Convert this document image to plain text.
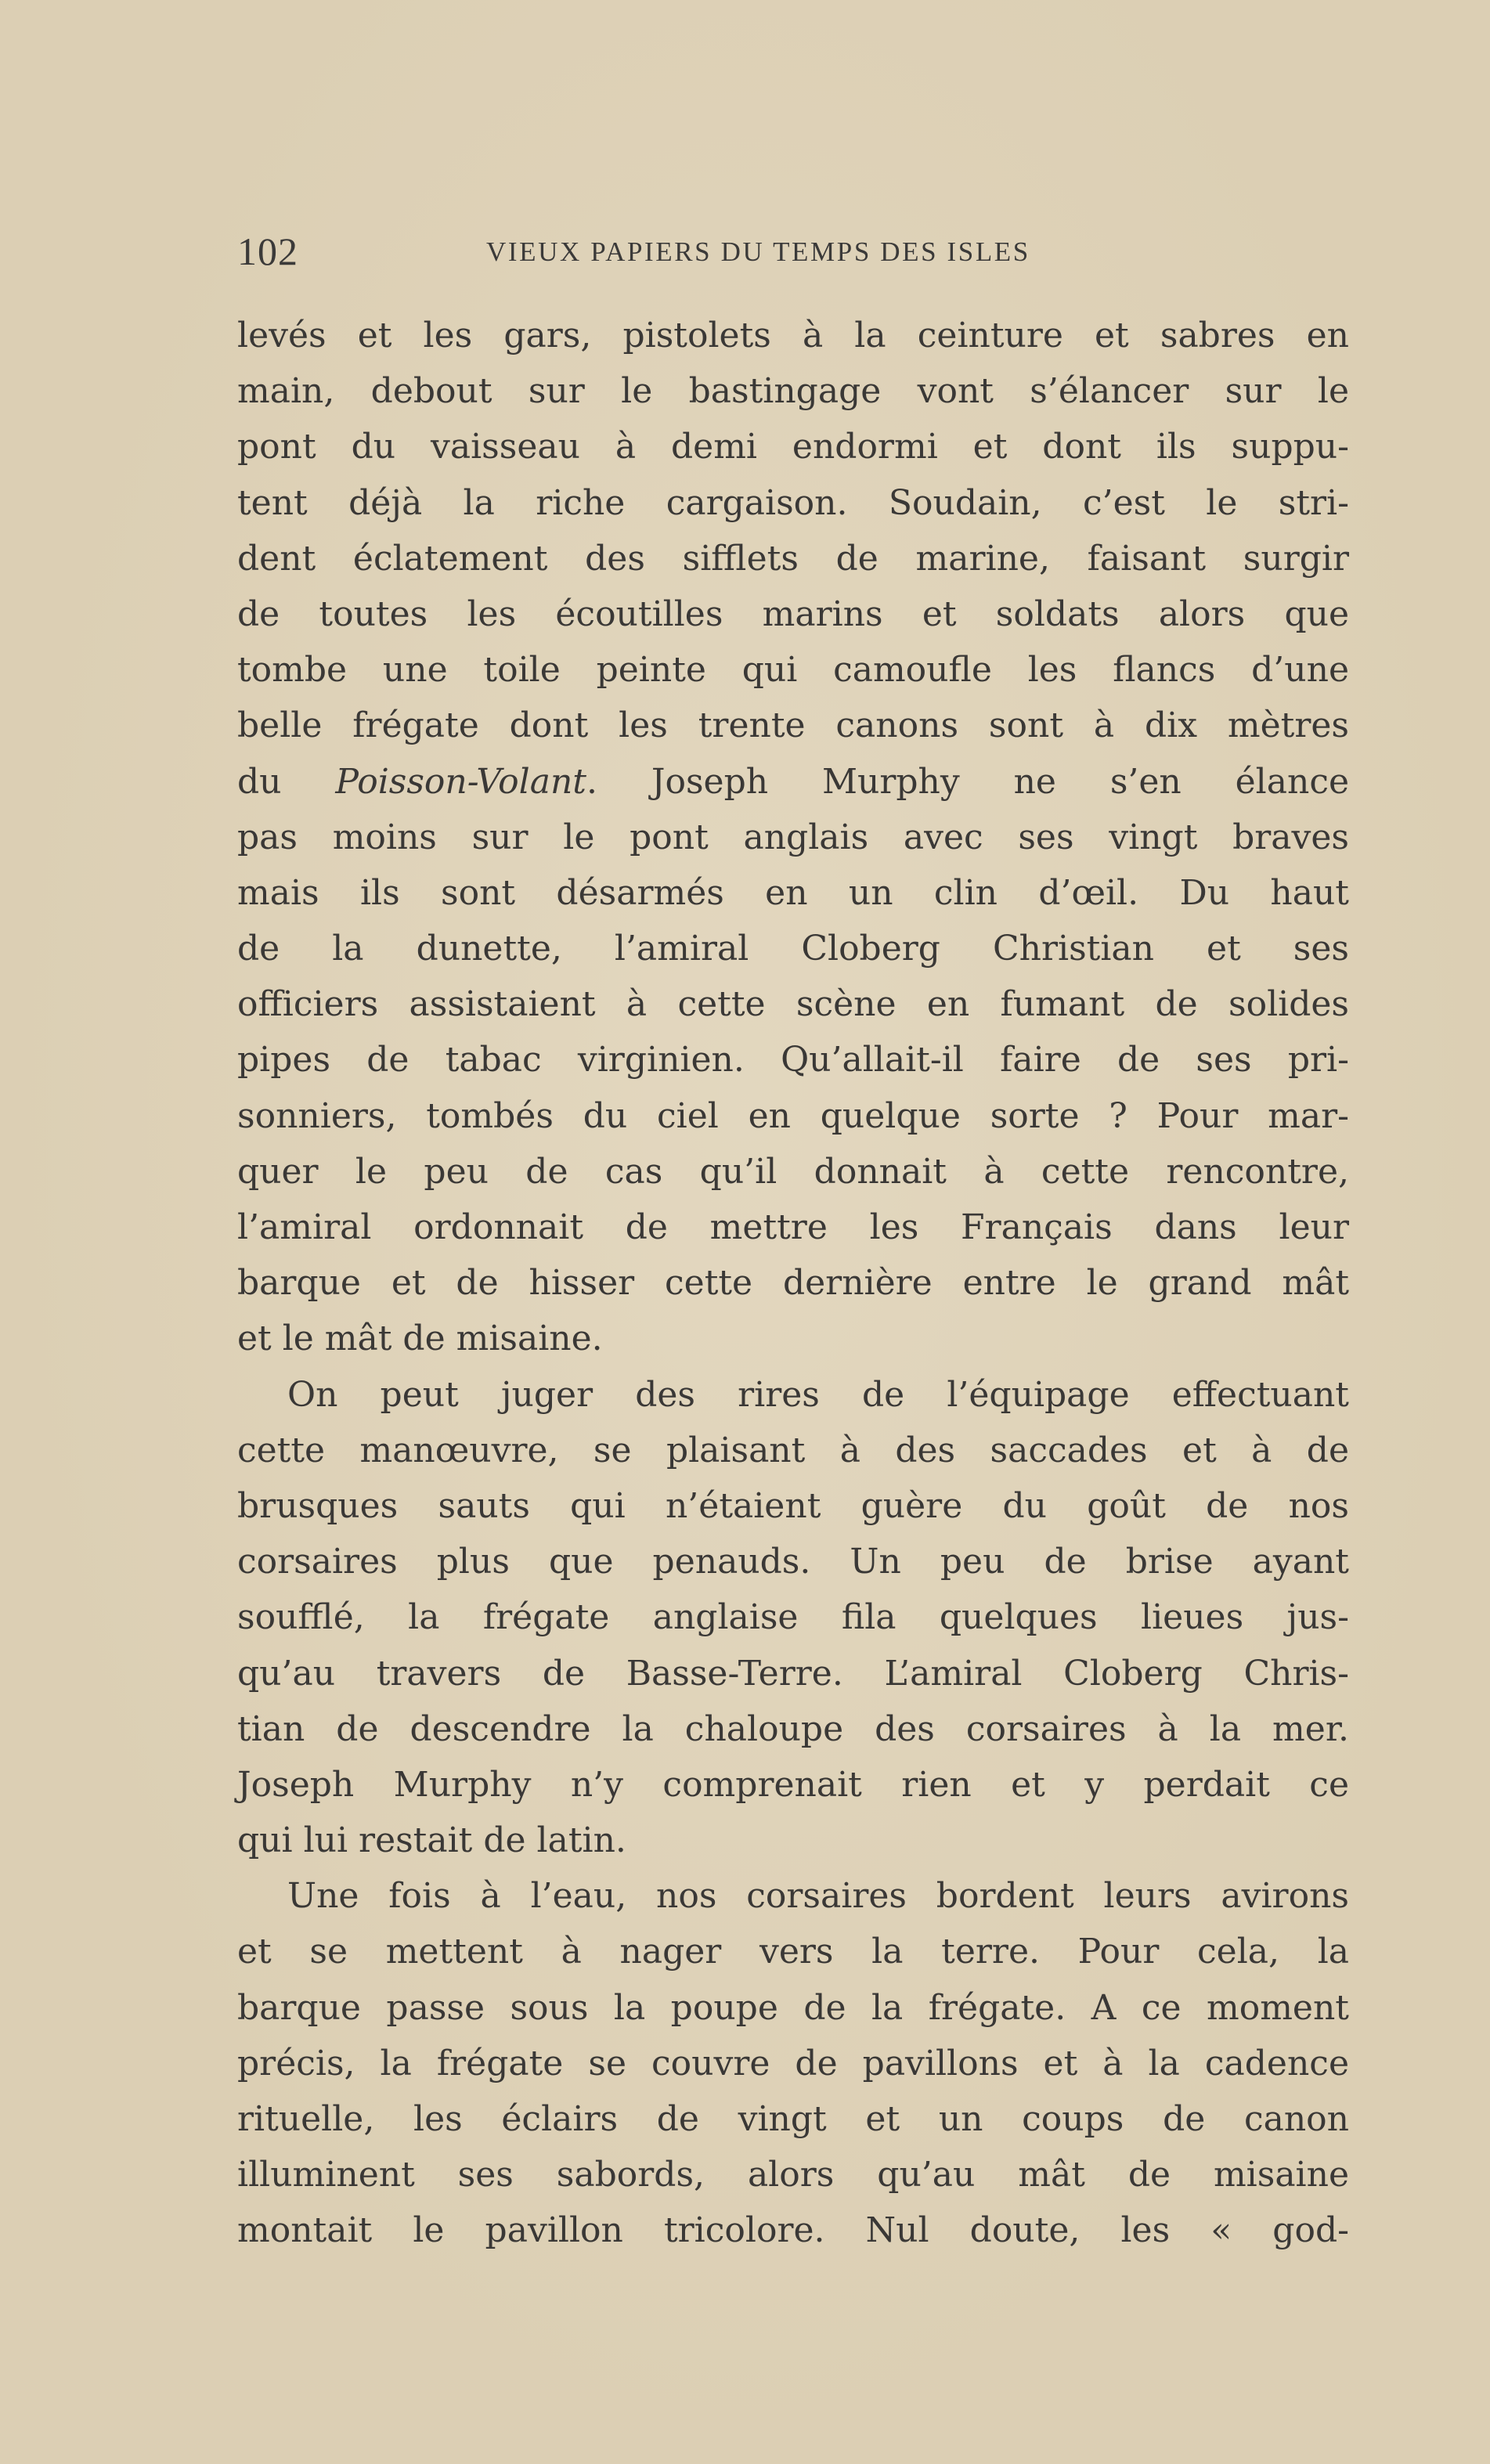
102	VIEUX PAPIERS DU TEMPS DES ISLES
levés et les gars, pistolets à la ceinture et sabres en
main, debout sur le bastingage vont s’élancer sur le
pont du vaisseau à demi endormi et dont ils suppu-
tent déjà la riche cargaison. Soudain, c’est le stri-
dent éclatement des sifflets de marine, faisant surgir
de toutes les écoutilles marins et soldats alors que
tombe une toile peinte qui camoufle les flancs d’une
belle frégate dont les trente canons sont à dix mètres
du Poisson-Volant. Joseph Murphy ne s’en élance
pas moins sur le pont anglais avec ses vingt braves
mais ils sont désarmés en un clin d’œil. Du haut
de la dunette, l’amiral Cloberg Christian et ses
officiers assistaient à cette scène en fumant de solides
pipes de tabac virginien. Qu’allait-il faire de ses pri-
sonniers, tombés du ciel en quelque sorte ? Pour mar-
quer le peu de cas qu’il donnait à cette rencontre,
l’amiral ordonnait de mettre les Français dans leur
barque et de hisser cette dernière entre le grand mât
et le mât de misaine.
On peut juger des rires de l’équipage effectuant
cette manœuvre, se plaisant à des saccades et à de
brusques sauts qui n’étaient guère du goût de nos
corsaires plus que penauds. Un peu de brise ayant
soufflé, la frégate anglaise fila quelques lieues jus-
qu’au travers de Basse-Terre. L’amiral Cloberg Chris-
tian de descendre la chaloupe des corsaires à la mer.
Joseph Murphy n’y comprenait rien et y perdait ce
qui lui restait de latin.
Une fois à l’eau, nos corsaires bordent leurs avirons
et se mettent à nager vers la terre. Pour cela, la
barque passe sous la poupe de la frégate. A ce moment
précis, la frégate se couvre de pavillons et à la cadence
rituelle, les éclairs de vingt et un coups de canon
illuminent ses sabords, alors qu’au mât de misaine
montait le pavillon tricolore. Nul doute, les « god-
